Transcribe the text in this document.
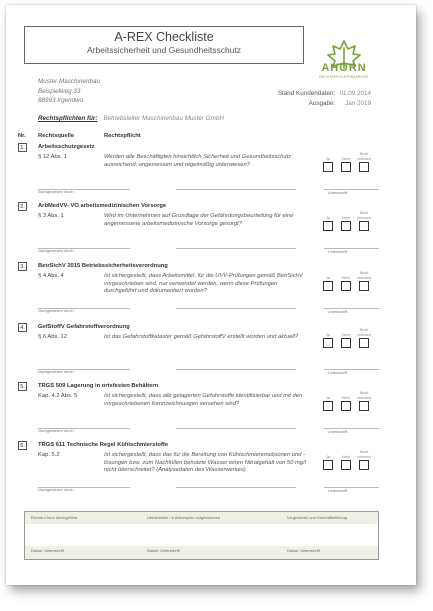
A-REX Checkliste
Arbeitssicherheit und Gesundheitsschutz
AHORN
RECHTSPFLICHTENSERVICE
Muster Maschinenbau
Beispielweg 33
88993 Irgendwo
Stand Kundendaten: 01.09.2014
Ausgabe: Jan 2019
Rechtspflichten für: Betriebsleiter Maschinenbau Muster GmbH
Nr. Rechtsquelle	Rechtspflicht
1.	Arbeitsschutzgesetz
§ 12 Abs. 1	Werden alle Beschäftigten hinsichtlich Sicherheit und Gesundheitsschutz ausreichend, angemessen und regelmäßig unterwiesen?
Ja	Nein
Nicht relevant
Nachgewiesen durch	Unterschrift
2.	ArbMedVV- VO arbeitsmedizinischen Vorsorge
§ 3 Abs. 1	Wird im Unternehmen auf Grundlage der Gefährdungsbeurteilung für eine angemessene arbeitsmedizinische Vorsorge gesorgt?
Ja	Nein
Nicht relevant
Nachgewiesen durch	Unterschrift
3.	BetrSichV 2015 Betriebssicherheitsverordnung
§ 4 Abs. 4	Ist sichergestellt, dass Arbeitsmittel, für die UVV-Prüfungen gemäß BetrSichV vorgeschrieben sind, nur verwendet werden, wenn diese Prüfungen durchgeführt und dokumentiert wurden?
Ja	Nein
Nicht relevant
Nachgewiesen durch	Unterschrift
4.	GefStoffV Gefahrstoffverordnung
§ 6 Abs. 12	Ist das Gefahrstoffkataster gemäß GefahrstoffV erstellt worden und aktuell?	Ja	Nein
Nicht relevant
Nachgewiesen durch	Unterschrift
5.	TRGS 509 Lagerung in ortsfesten Behältern
Kap. 4.2 Abs. 5	Ist sichergestellt, dass alle gelagerten Gefahrstoffe identifizierbar und mit den vorgeschriebenen Kennzeichnungen versehen sind?
Ja	Nein
Nicht relevant
Nachgewiesen durch	Unterschrift
6.	TRGS 611 Technische Regel Kühlschmierstoffe
Kap. 5.2	Ist sichergestellt, dass das für die Bereitung von Kühlschmieremulsionen und -lösungen bzw. zum Nachfüllen benutzte Wasser einen Nitratgehalt von 50 mg/l nicht überschreitet? (Analysedaten des Wasserwerkes)
Ja	Nein
Nicht relevant
Nachgewiesen durch	Unterschrift
Rechts-Check durchgeführt	Überarbeitet / in Aktionsplan aufgenommen	Vorgesetzter und Geschäftsführung
Datum, Unterschrift	Datum, Unterschrift	Datum, Unterschrift
